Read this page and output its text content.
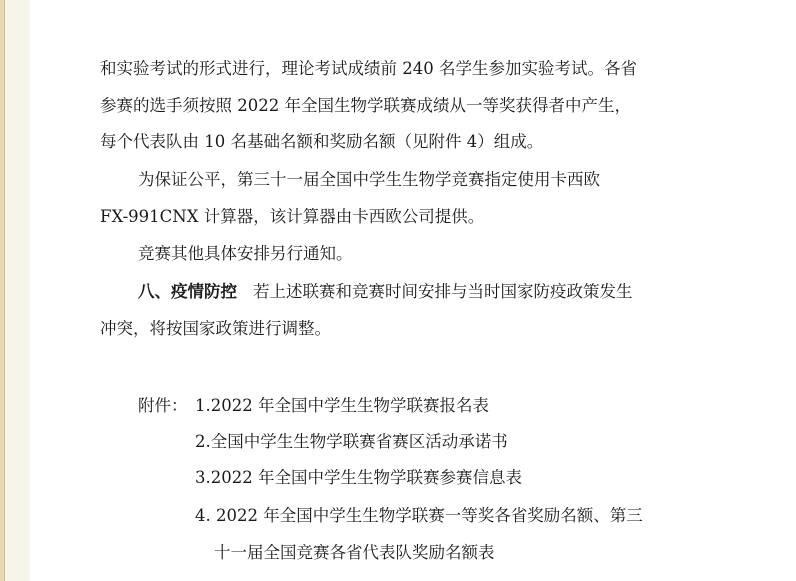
和实验考试的形式进行，理论考试成绩前 240 名学生参加实验考试。各省
参赛的选手须按照 2022 年全国生物学联赛成绩从一等奖获得者中产生，
每个代表队由 10 名基础名额和奖励名额（见附件 4）组成。
为保证公平，第三十一届全国中学生生物学竞赛指定使用卡西欧
FX-991CNX 计算器，该计算器由卡西欧公司提供。
竞赛其他具体安排另行通知。
八、疫情防控 若上述联赛和竞赛时间安排与当时国家防疫政策发生
冲突，将按国家政策进行调整。
附件： 1.2022 年全国中学生生物学联赛报名表
2.全国中学生生物学联赛省赛区活动承诺书
3.2022 年全国中学生生物学联赛参赛信息表
4. 2022 年全国中学生生物学联赛一等奖各省奖励名额、第三
十一届全国竞赛各省代表队奖励名额表
